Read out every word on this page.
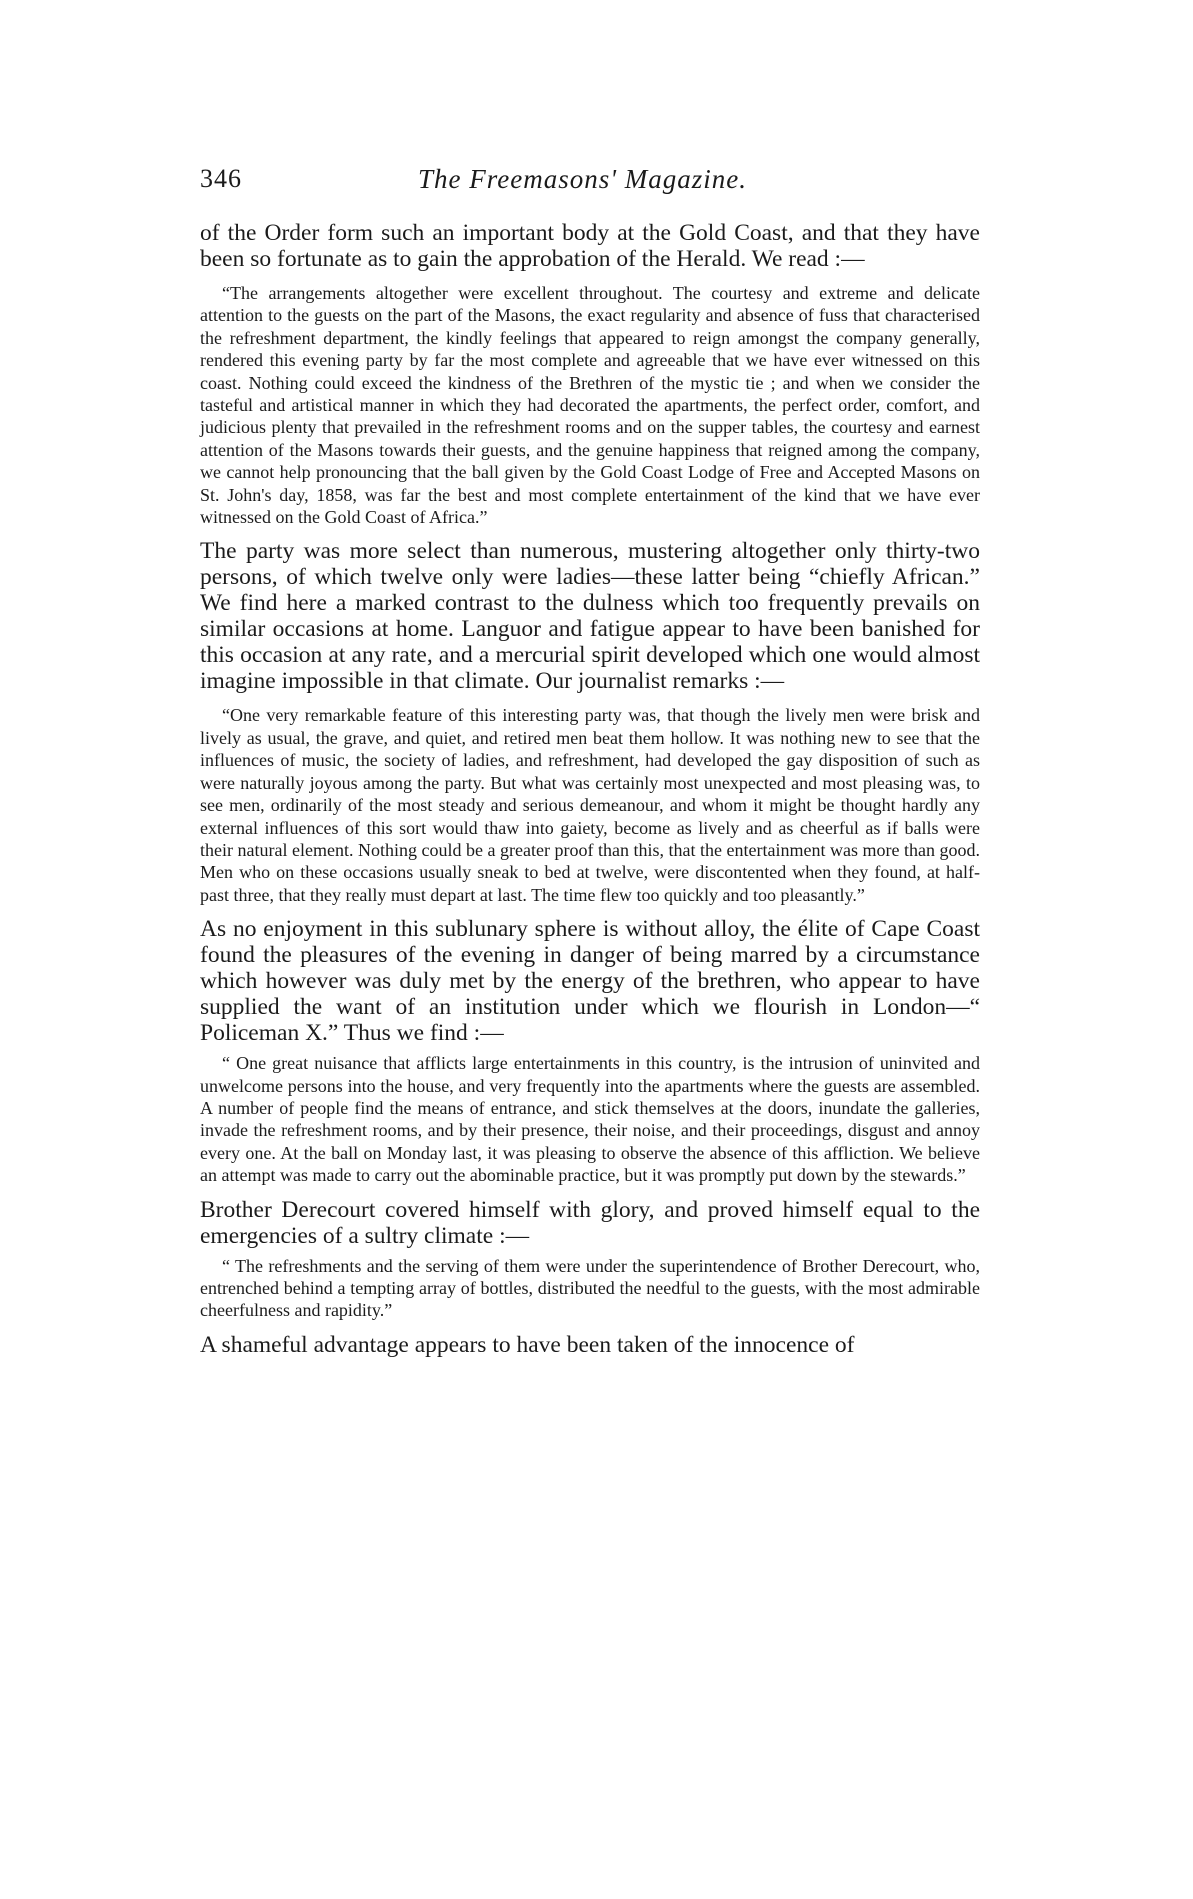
346	The Freemasons' Magazine.

of the Order form such an important body at the Gold Coast, and that they have been so fortunate as to gain the approbation of the Herald. We read :—

“The arrangements altogether were excellent throughout. The courtesy and extreme and delicate attention to the guests on the part of the Masons, the exact regularity and absence of fuss that characterised the refreshment department, the kindly feelings that appeared to reign amongst the company generally, rendered this evening party by far the most complete and agreeable that we have ever witnessed on this coast. Nothing could exceed the kindness of the Brethren of the mystic tie ; and when we consider the tasteful and artistical manner in which they had decorated the apartments, the perfect order, comfort, and judicious plenty that prevailed in the refreshment rooms and on the supper tables, the courtesy and earnest attention of the Masons towards their guests, and the genuine happiness that reigned among the company, we cannot help pronouncing that the ball given by the Gold Coast Lodge of Free and Accepted Masons on St. John's day, 1858, was far the best and most complete entertainment of the kind that we have ever witnessed on the Gold Coast of Africa.”

The party was more select than numerous, mustering altogether only thirty-two persons, of which twelve only were ladies—these latter being “chiefly African.” We find here a marked contrast to the dulness which too frequently prevails on similar occasions at home. Languor and fatigue appear to have been banished for this occasion at any rate, and a mercurial spirit developed which one would almost imagine impossible in that climate. Our journalist remarks :—

“One very remarkable feature of this interesting party was, that though the lively men were brisk and lively as usual, the grave, and quiet, and retired men beat them hollow. It was nothing new to see that the influences of music, the society of ladies, and refreshment, had developed the gay disposition of such as were naturally joyous among the party. But what was certainly most unexpected and most pleasing was, to see men, ordinarily of the most steady and serious demeanour, and whom it might be thought hardly any external influences of this sort would thaw into gaiety, become as lively and as cheerful as if balls were their natural element. Nothing could be a greater proof than this, that the entertainment was more than good. Men who on these occasions usually sneak to bed at twelve, were discontented when they found, at half-past three, that they really must depart at last. The time flew too quickly and too pleasantly.”

As no enjoyment in this sublunary sphere is without alloy, the élite of Cape Coast found the pleasures of the evening in danger of being marred by a circumstance which however was duly met by the energy of the brethren, who appear to have supplied the want of an institution under which we flourish in London—“ Policeman X.” Thus we find :—

“ One great nuisance that afflicts large entertainments in this country, is the intrusion of uninvited and unwelcome persons into the house, and very frequently into the apartments where the guests are assembled. A number of people find the means of entrance, and stick themselves at the doors, inundate the galleries, invade the refreshment rooms, and by their presence, their noise, and their proceedings, disgust and annoy every one. At the ball on Monday last, it was pleasing to observe the absence of this affliction. We believe an attempt was made to carry out the abominable practice, but it was promptly put down by the stewards.”

Brother Derecourt covered himself with glory, and proved himself equal to the emergencies of a sultry climate :—

“ The refreshments and the serving of them were under the superintendence of Brother Derecourt, who, entrenched behind a tempting array of bottles, distributed the needful to the guests, with the most admirable cheerfulness and rapidity.”

A shameful advantage appears to have been taken of the innocence of
